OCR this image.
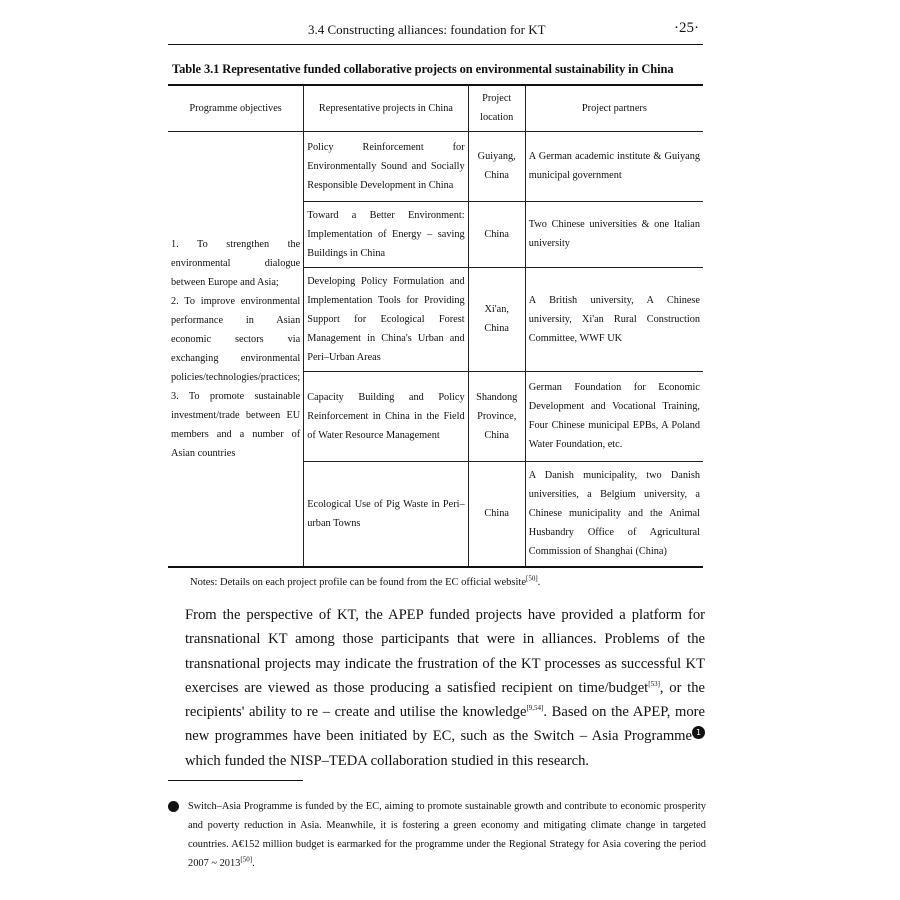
3.4 Constructing alliances: foundation for KT	·25·
Table 3.1 Representative funded collaborative projects on environmental sustainability in China
Programme objectives	Representative projects in China	Project location	Project partners

1. To strengthen the environmental dialogue between Europe and Asia;
2. To improve environmental performance in Asian economic sectors via exchanging environmental policies/technologies/practices;
3. To promote sustainable investment/trade between EU members and a number of Asian countries	Policy Reinforcement for Environmentally Sound and Socially Responsible Development in China	Guiyang, China	A German academic institute & Guiyang municipal government
	Toward a Better Environment: Implementation of Energy – saving Buildings in China	China	Two Chinese universities & one Italian university
	Developing Policy Formulation and Implementation Tools for Providing Support for Ecological Forest Management in China's Urban and Peri–Urban Areas	Xi'an, China	A British university, A Chinese university, Xi'an Rural Construction Committee, WWF UK
	Capacity Building and Policy Reinforcement in China in the Field of Water Resource Management	Shandong Province, China	German Foundation for Economic Development and Vocational Training, Four Chinese municipal EPBs, A Poland Water Foundation, etc.
	Ecological Use of Pig Waste in Peri–urban Towns	China	A Danish municipality, two Danish universities, a Belgium university, a Chinese municipality and the Animal Husbandry Office of Agricultural Commission of Shanghai (China)
Notes: Details on each project profile can be found from the EC official website[50].
From the perspective of KT, the APEP funded projects have provided a platform for transnational KT among those participants that were in alliances. Problems of the transnational projects may indicate the frustration of the KT processes as successful KT exercises are viewed as those producing a satisfied recipient on time/budget[53], or the recipients' ability to re – create and utilise the knowledge[9,54]. Based on the APEP, more new programmes have been initiated by EC, such as the Switch – Asia Programme 1 which funded the NISP–TEDA collaboration studied in this research.
1 Switch–Asia Programme is funded by the EC, aiming to promote sustainable growth and contribute to economic prosperity and poverty reduction in Asia. Meanwhile, it is fostering a green economy and mitigating climate change in targeted countries. A€152 million budget is earmarked for the programme under the Regional Strategy for Asia covering the period 2007 ~ 2013[50].
